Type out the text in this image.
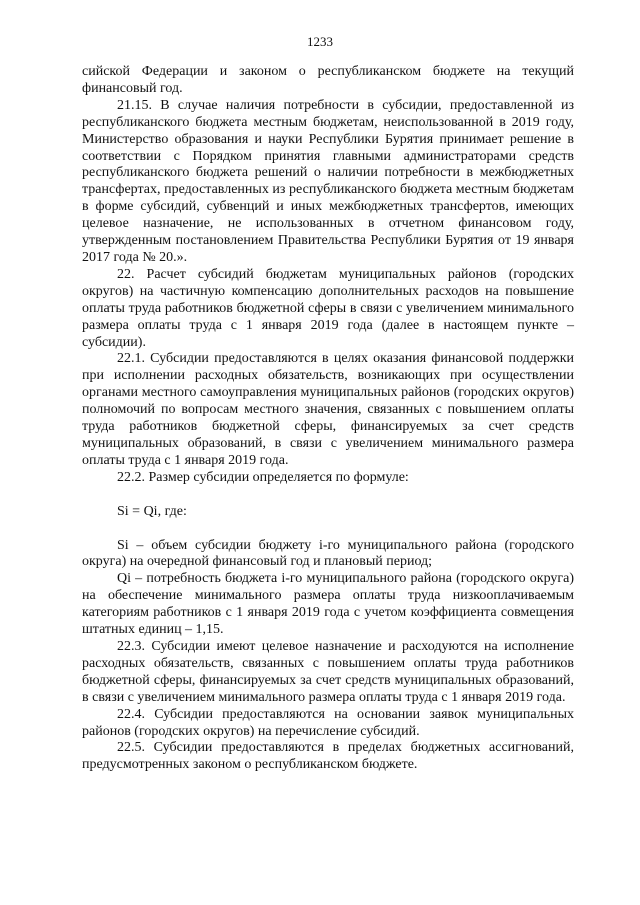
1233

сийской Федерации и законом о республиканском бюджете на текущий финансовый год.

21.15. В случае наличия потребности в субсидии, предоставленной из республиканского бюджета местным бюджетам, неиспользованной в 2019 году, Министерство образования и науки Республики Бурятия принимает решение в соответствии с Порядком принятия главными администраторами средств республиканского бюджета решений о наличии потребности в межбюджетных трансфертах, предоставленных из республиканского бюджета местным бюджетам в форме субсидий, субвенций и иных межбюджетных трансфертов, имеющих целевое назначение, не использованных в отчетном финансовом году, утвержденным постановлением Правительства Республики Бурятия от 19 января 2017 года № 20.».

22. Расчет субсидий бюджетам муниципальных районов (городских округов) на частичную компенсацию дополнительных расходов на повышение оплаты труда работников бюджетной сферы в связи с увеличением минимального размера оплаты труда с 1 января 2019 года (далее в настоящем пункте – субсидии).

22.1. Субсидии предоставляются в целях оказания финансовой поддержки при исполнении расходных обязательств, возникающих при осуществлении органами местного самоуправления муниципальных районов (городских округов) полномочий по вопросам местного значения, связанных с повышением оплаты труда работников бюджетной сферы, финансируемых за счет средств муниципальных образований, в связи с увеличением минимального размера оплаты труда с 1 января 2019 года.

22.2. Размер субсидии определяется по формуле:

Si = Qi, где:

Si – объем субсидии бюджету i-го муниципального района (городского округа) на очередной финансовый год и плановый период;

Qi – потребность бюджета i-го муниципального района (городского округа) на обеспечение минимального размера оплаты труда низкооплачиваемым категориям работников с 1 января 2019 года с учетом коэффициента совмещения штатных единиц – 1,15.

22.3. Субсидии имеют целевое назначение и расходуются на исполнение расходных обязательств, связанных с повышением оплаты труда работников бюджетной сферы, финансируемых за счет средств муниципальных образований, в связи с увеличением минимального размера оплаты труда с 1 января 2019 года.

22.4. Субсидии предоставляются на основании заявок муниципальных районов (городских округов) на перечисление субсидий.

22.5. Субсидии предоставляются в пределах бюджетных ассигнований, предусмотренных законом о республиканском бюджете.
